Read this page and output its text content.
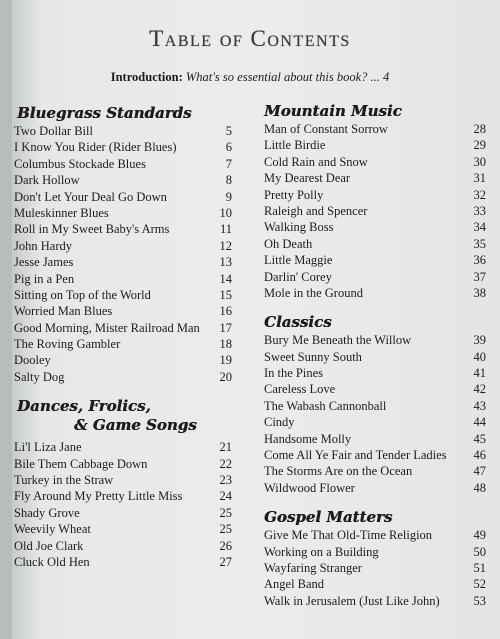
Table of Contents
Introduction: What's so essential about this book? ... 4
Bluegrass Standards
Two Dollar Bill	5
I Know You Rider (Rider Blues)	6
Columbus Stockade Blues	7
Dark Hollow	8
Don't Let Your Deal Go Down	9
Muleskinner Blues	10
Roll in My Sweet Baby's Arms	11
John Hardy	12
Jesse James	13
Pig in a Pen	14
Sitting on Top of the World	15
Worried Man Blues	16
Good Morning, Mister Railroad Man	17
The Roving Gambler	18
Dooley	19
Salty Dog	20
Dances, Frolics,
& Game Songs
Li'l Liza Jane	21
Bile Them Cabbage Down	22
Turkey in the Straw	23
Fly Around My Pretty Little Miss	24
Shady Grove	25
Weevily Wheat	25
Old Joe Clark	26
Cluck Old Hen	27
Mountain Music
Man of Constant Sorrow	28
Little Birdie	29
Cold Rain and Snow	30
My Dearest Dear	31
Pretty Polly	32
Raleigh and Spencer	33
Walking Boss	34
Oh Death	35
Little Maggie	36
Darlin' Corey	37
Mole in the Ground	38
Classics
Bury Me Beneath the Willow	39
Sweet Sunny South	40
In the Pines	41
Careless Love	42
The Wabash Cannonball	43
Cindy	44
Handsome Molly	45
Come All Ye Fair and Tender Ladies	46
The Storms Are on the Ocean	47
Wildwood Flower	48
Gospel Matters
Give Me That Old-Time Religion	49
Working on a Building	50
Wayfaring Stranger	51
Angel Band	52
Walk in Jerusalem (Just Like John)	53
